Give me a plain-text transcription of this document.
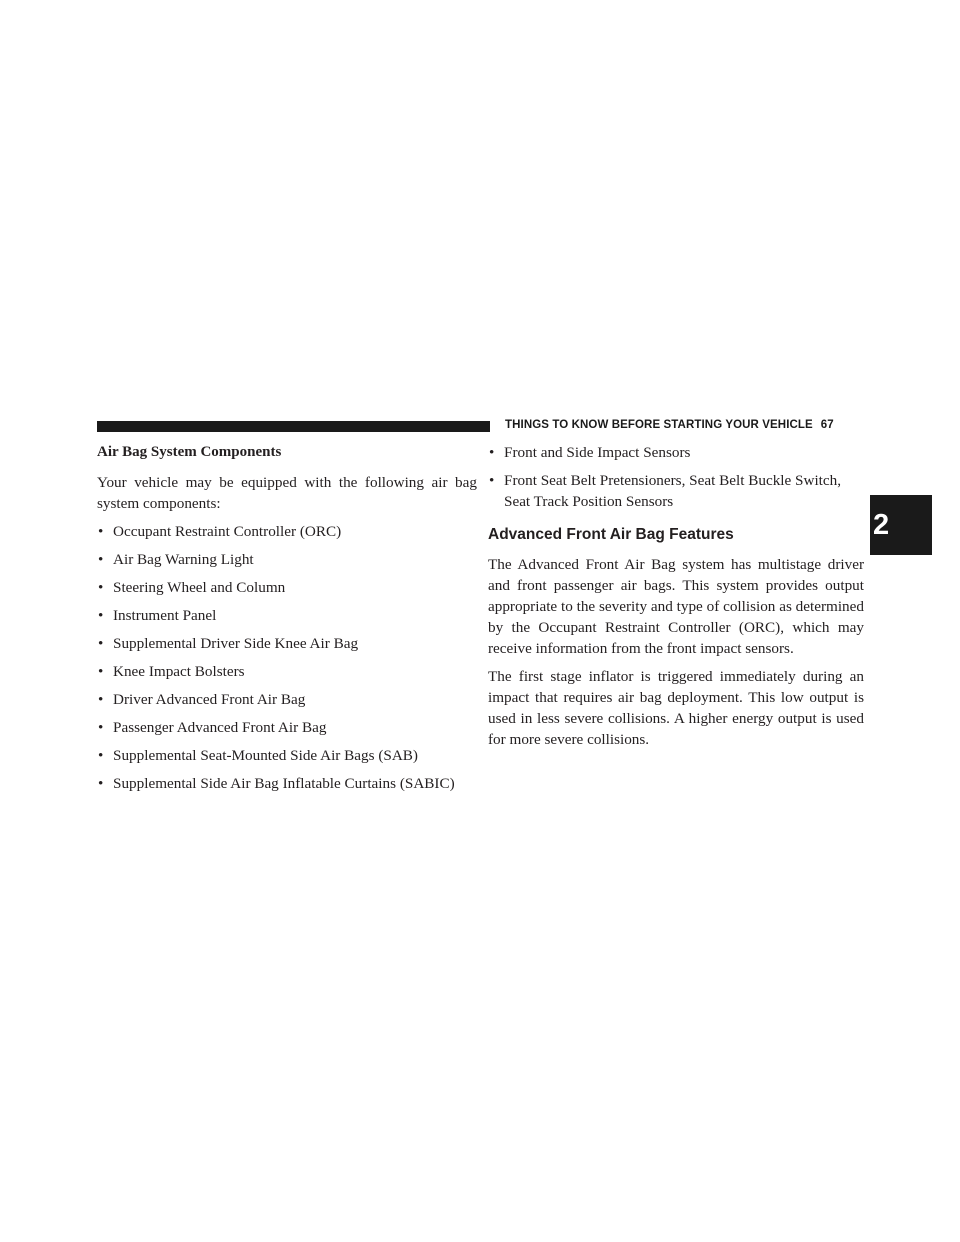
THINGS TO KNOW BEFORE STARTING YOUR VEHICLE 67
2
Air Bag System Components

Your vehicle may be equipped with the following air bag system components:

• Occupant Restraint Controller (ORC)
• Air Bag Warning Light
• Steering Wheel and Column
• Instrument Panel
• Supplemental Driver Side Knee Air Bag
• Knee Impact Bolsters
• Driver Advanced Front Air Bag
• Passenger Advanced Front Air Bag
• Supplemental Seat-Mounted Side Air Bags (SAB)
• Supplemental Side Air Bag Inflatable Curtains (SABIC)
• Front and Side Impact Sensors
• Front Seat Belt Pretensioners, Seat Belt Buckle Switch, Seat Track Position Sensors
Advanced Front Air Bag Features

The Advanced Front Air Bag system has multistage driver and front passenger air bags. This system provides output appropriate to the severity and type of collision as determined by the Occupant Restraint Controller (ORC), which may receive information from the front impact sensors.

The first stage inflator is triggered immediately during an impact that requires air bag deployment. This low output is used in less severe collisions. A higher energy output is used for more severe collisions.
